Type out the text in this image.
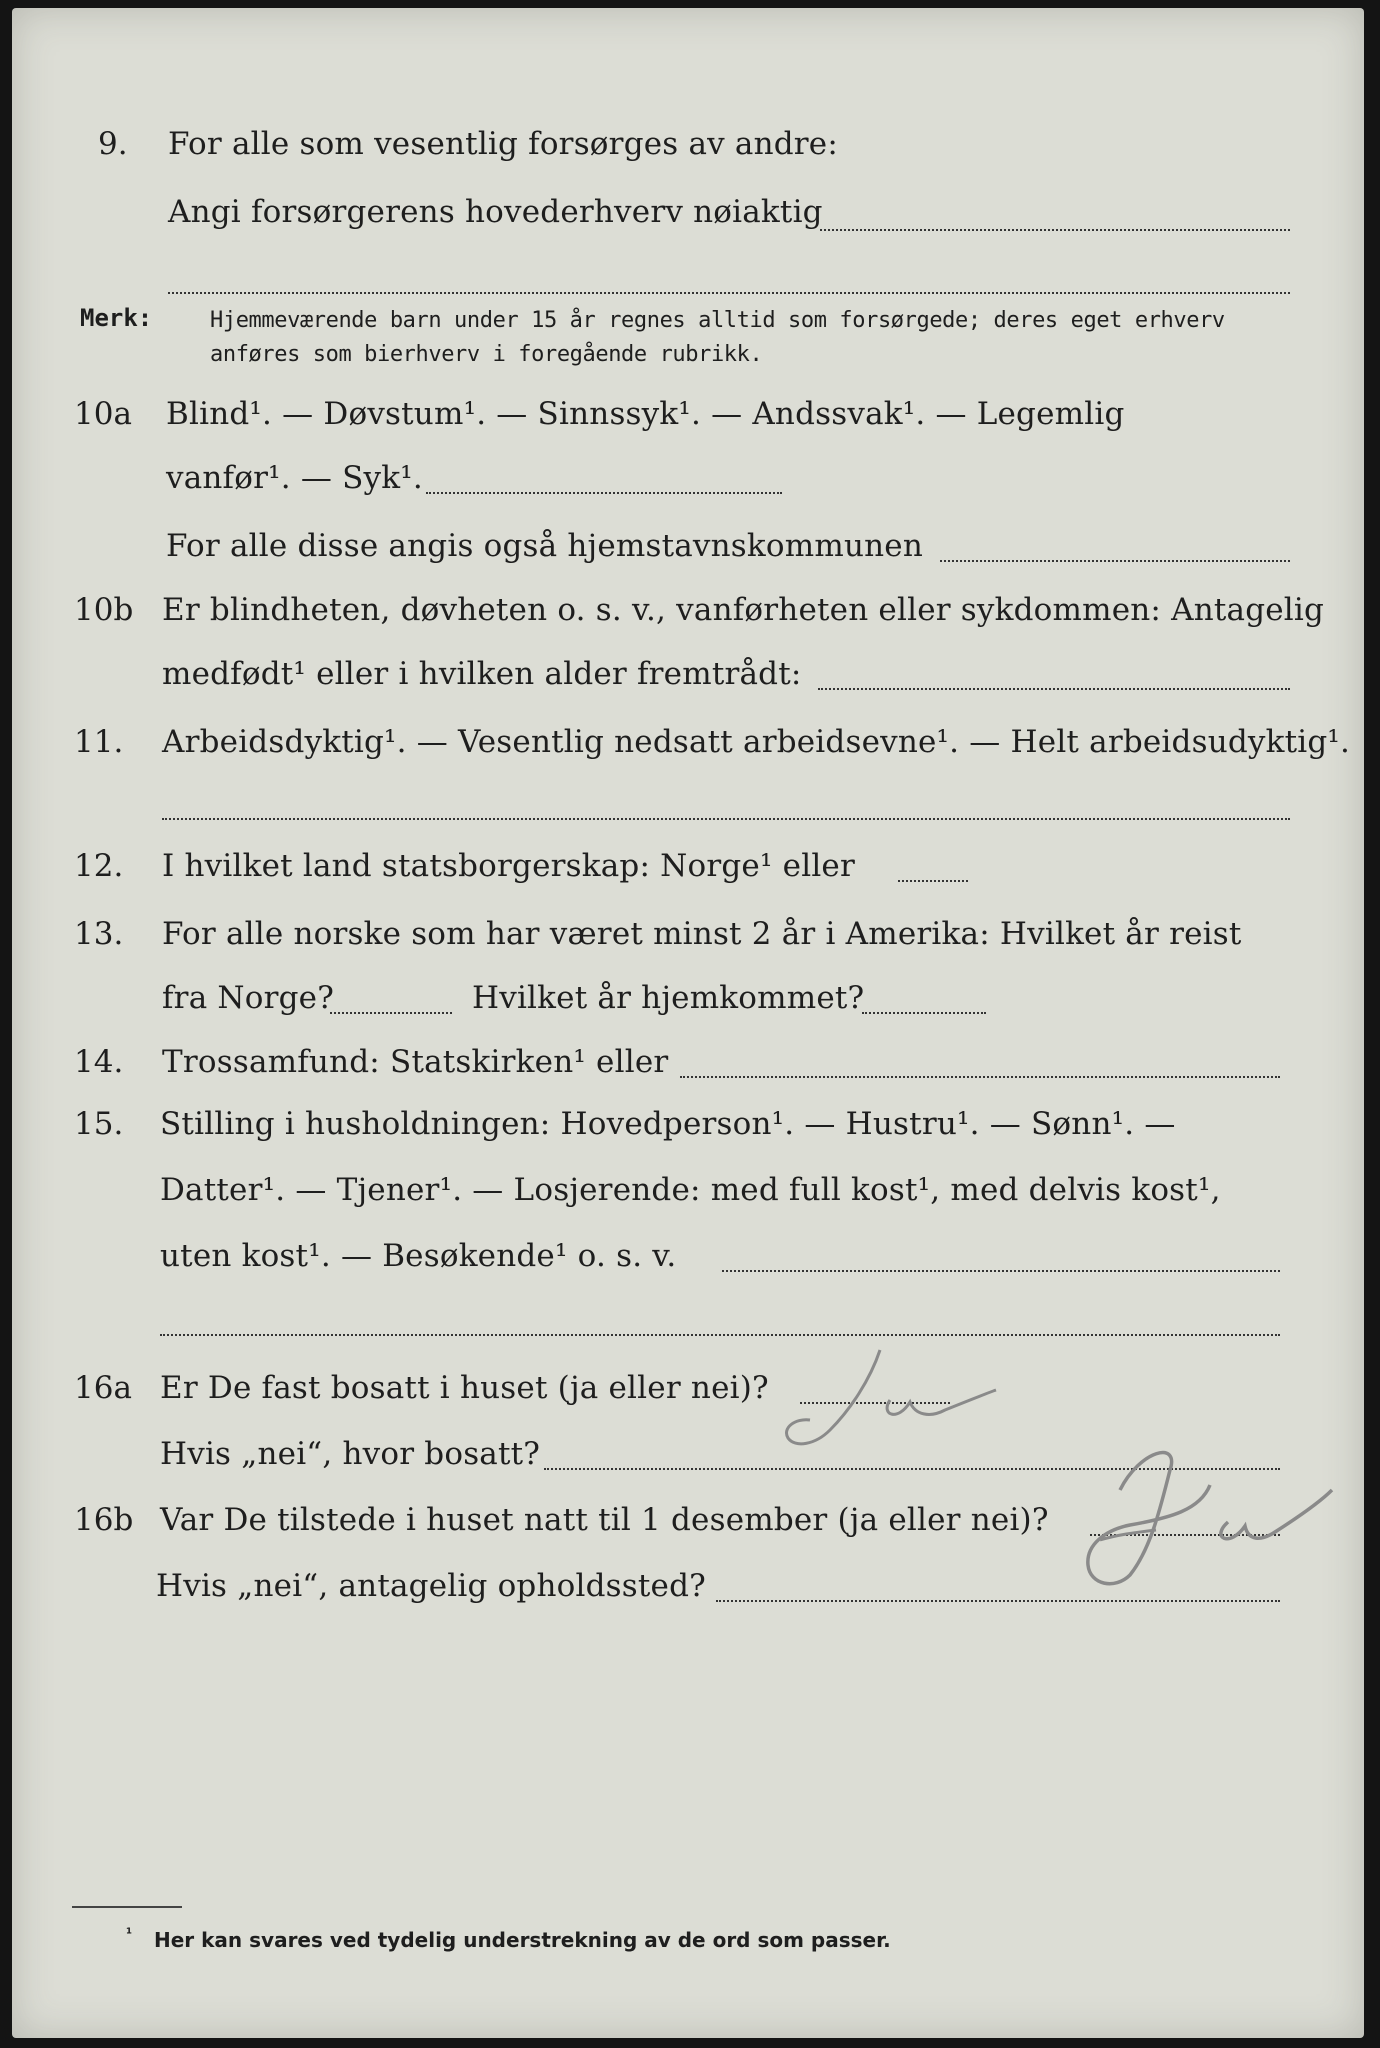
9. For alle som vesentlig forsørges av andre:
Angi forsørgerens hovederhverv nøiaktig
Merk:	Hjemmeværende barn under 15 år regnes alltid som forsørgede; deres eget erhverv
anføres som bierhverv i foregående rubrikk.
10a Blind¹. — Døvstum¹. — Sinnssyk¹. — Andssvak¹. — Legemlig
vanfør¹. — Syk¹.
For alle disse angis også hjemstavnskommunen
10b Er blindheten, døvheten o. s. v., vanførheten eller sykdommen: Antagelig
medfødt¹ eller i hvilken alder fremtrådt:
11. Arbeidsdyktig¹. — Vesentlig nedsatt arbeidsevne¹. — Helt arbeidsudyktig¹.
12. I hvilket land statsborgerskap: Norge¹ eller
13. For alle norske som har været minst 2 år i Amerika: Hvilket år reist
fra Norge?	Hvilket år hjemkommet?
14. Trossamfund: Statskirken¹ eller
15. Stilling i husholdningen: Hovedperson¹. — Hustru¹. — Sønn¹. —
Datter¹. — Tjener¹. — Losjerende: med full kost¹, med delvis kost¹,
uten kost¹. — Besøkende¹ o. s. v.
16a Er De fast bosatt i huset (ja eller nei)?
Hvis „nei“, hvor bosatt?
16b Var De tilstede i huset natt til 1 desember (ja eller nei)?
Hvis „nei“, antagelig opholdssted?
¹ Her kan svares ved tydelig understrekning av de ord som passer.
